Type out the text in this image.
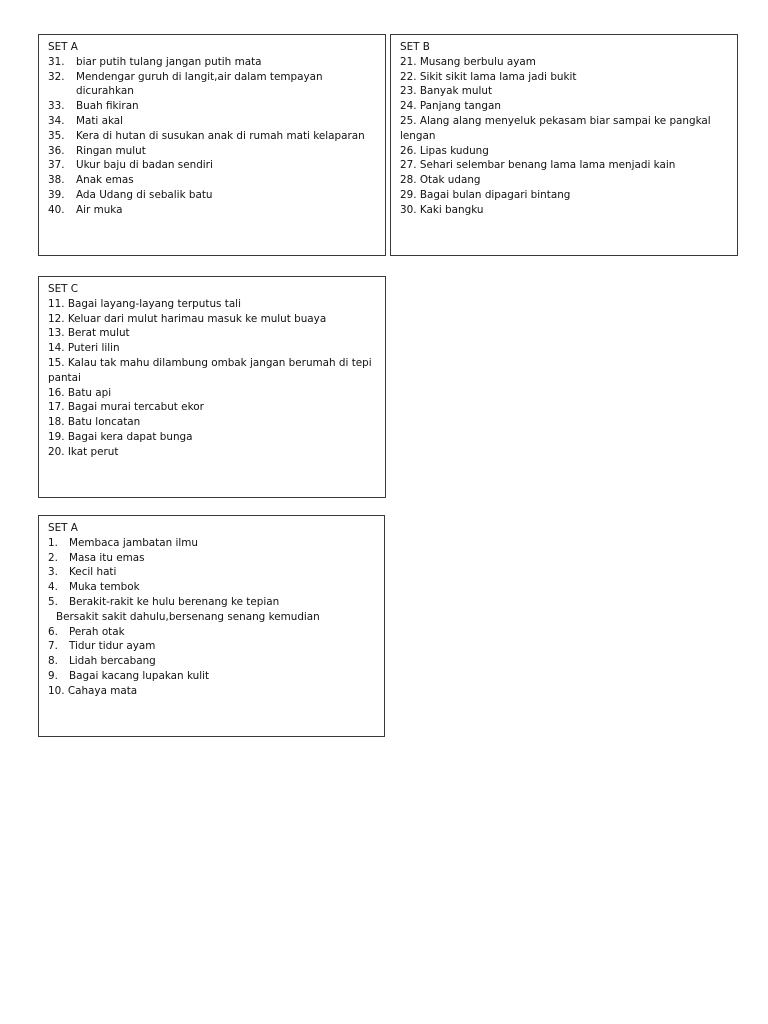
SET A
31.	biar putih tulang jangan putih mata
32.	Mendengar guruh di langit,air dalam tempayan dicurahkan
33.	Buah fikiran
34.	Mati akal
35.	Kera di hutan di susukan anak di rumah mati kelaparan
36.	Ringan mulut
37.	Ukur baju di badan sendiri
38.	Anak emas
39.	Ada Udang di sebalik batu
40.	Air muka
SET B
21. Musang berbulu ayam
22. Sikit sikit lama lama jadi bukit
23. Banyak mulut
24. Panjang tangan
25. Alang alang menyeluk pekasam biar sampai ke pangkal lengan
26. Lipas kudung
27. Sehari selembar benang lama lama menjadi kain
28. Otak udang
29. Bagai bulan dipagari bintang
30. Kaki bangku
SET C
11. Bagai layang-layang terputus tali
12. Keluar dari mulut harimau masuk ke mulut buaya
13. Berat mulut
14. Puteri lilin
15. Kalau tak mahu dilambung ombak jangan berumah di tepi pantai
16. Batu api
17. Bagai murai tercabut ekor
18. Batu loncatan
19. Bagai kera dapat bunga
20. Ikat perut
SET A
1.	Membaca jambatan ilmu
2.	Masa itu emas
3.	Kecil hati
4.	Muka tembok
5.	Berakit-rakit ke hulu berenang ke tepian
Bersakit sakit dahulu,bersenang senang kemudian
6.	Perah otak
7.	Tidur tidur ayam
8.	Lidah bercabang
9.	Bagai kacang lupakan kulit
10. Cahaya mata
